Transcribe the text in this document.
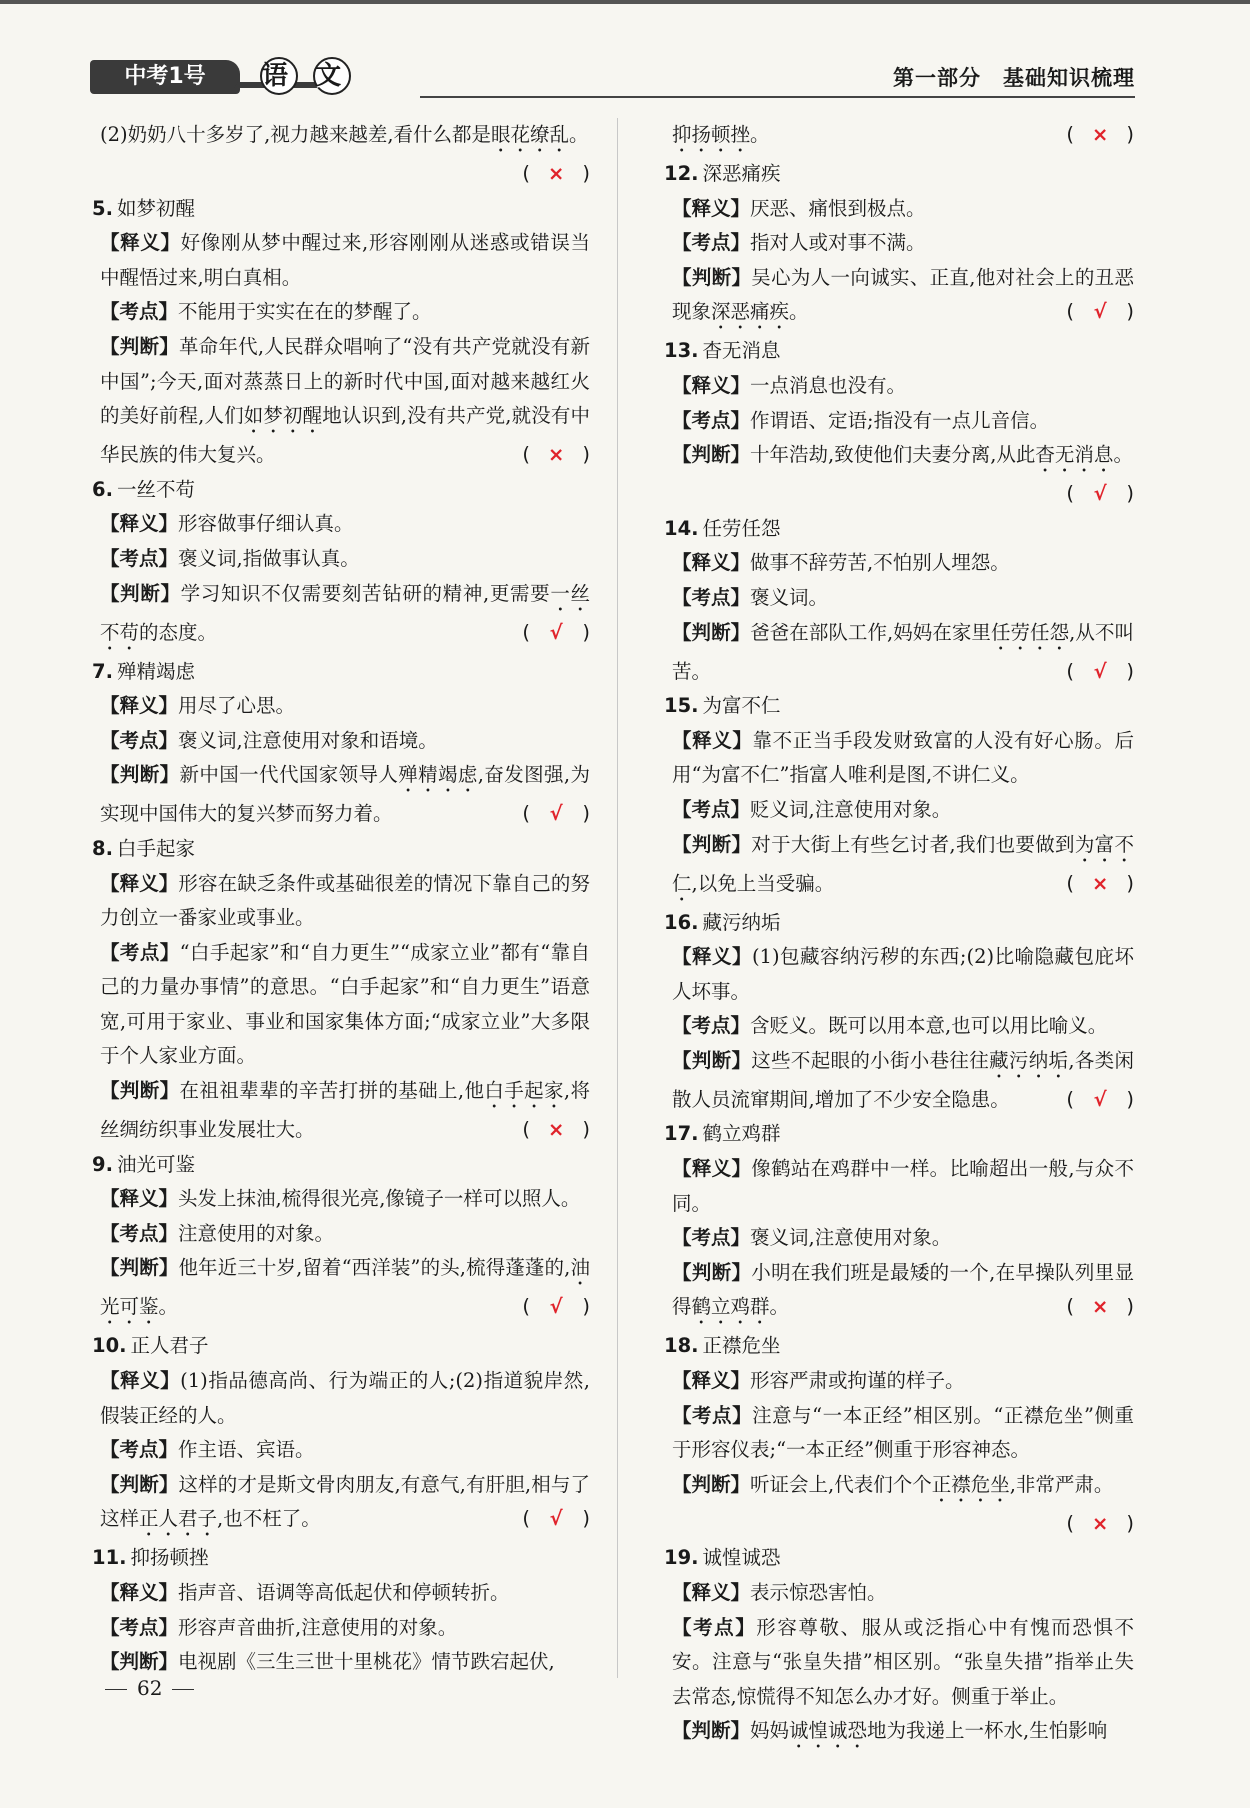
中考1号	语 文	第一部分　基础知识梳理

(2)奶奶八十多岁了,视力越来越差,看什么都是眼花缭乱。
( × )

5. 如梦初醒

【释义】好像刚从梦中醒过来,形容刚刚从迷惑或错误当中醒悟过来,明白真相。

【考点】不能用于实实在在的梦醒了。

【判断】革命年代,人民群众唱响了“没有共产党就没有新中国”;今天,面对蒸蒸日上的新时代中国,面对越来越红火的美好前程,人们如梦初醒地认识到,没有共产党,就没有中华民族的伟大复兴。	( × )

6. 一丝不苟

【释义】形容做事仔细认真。

【考点】褒义词,指做事认真。

【判断】学习知识不仅需要刻苦钻研的精神,更需要一丝不苟的态度。	( √ )

7. 殚精竭虑

【释义】用尽了心思。

【考点】褒义词,注意使用对象和语境。

【判断】新中国一代代国家领导人殚精竭虑,奋发图强,为实现中国伟大的复兴梦而努力着。	( √ )

8. 白手起家

【释义】形容在缺乏条件或基础很差的情况下靠自己的努力创立一番家业或事业。

【考点】“白手起家”和“自力更生”“成家立业”都有“靠自己的力量办事情”的意思。“白手起家”和“自力更生”语意宽,可用于家业、事业和国家集体方面;“成家立业”大多限于个人家业方面。

【判断】在祖祖辈辈的辛苦打拼的基础上,他白手起家,将丝绸纺织事业发展壮大。	( × )

9. 油光可鉴

【释义】头发上抹油,梳得很光亮,像镜子一样可以照人。

【考点】注意使用的对象。

【判断】他年近三十岁,留着“西洋装”的头,梳得蓬蓬的,油光可鉴。	( √ )

10. 正人君子

【释义】(1)指品德高尚、行为端正的人;(2)指道貌岸然,假装正经的人。

【考点】作主语、宾语。

【判断】这样的才是斯文骨肉朋友,有意气,有肝胆,相与了这样正人君子,也不枉了。	( √ )

11. 抑扬顿挫

【释义】指声音、语调等高低起伏和停顿转折。

【考点】形容声音曲折,注意使用的对象。

【判断】电视剧《三生三世十里桃花》情节跌宕起伏,

抑扬顿挫。	( × )

12. 深恶痛疾

【释义】厌恶、痛恨到极点。

【考点】指对人或对事不满。

【判断】吴心为人一向诚实、正直,他对社会上的丑恶现象深恶痛疾。	( √ )

13. 杳无消息

【释义】一点消息也没有。

【考点】作谓语、定语;指没有一点儿音信。

【判断】十年浩劫,致使他们夫妻分离,从此杳无消息。
( √ )

14. 任劳任怨

【释义】做事不辞劳苦,不怕别人埋怨。

【考点】褒义词。

【判断】爸爸在部队工作,妈妈在家里任劳任怨,从不叫苦。	( √ )

15. 为富不仁

【释义】靠不正当手段发财致富的人没有好心肠。后用“为富不仁”指富人唯利是图,不讲仁义。

【考点】贬义词,注意使用对象。

【判断】对于大街上有些乞讨者,我们也要做到为富不仁,以免上当受骗。	( × )

16. 藏污纳垢

【释义】(1)包藏容纳污秽的东西;(2)比喻隐藏包庇坏人坏事。

【考点】含贬义。既可以用本意,也可以用比喻义。

【判断】这些不起眼的小街小巷往往藏污纳垢,各类闲散人员流窜期间,增加了不少安全隐患。	( √ )

17. 鹤立鸡群

【释义】像鹤站在鸡群中一样。比喻超出一般,与众不同。

【考点】褒义词,注意使用对象。

【判断】小明在我们班是最矮的一个,在早操队列里显得鹤立鸡群。	( × )

18. 正襟危坐

【释义】形容严肃或拘谨的样子。

【考点】注意与“一本正经”相区别。“正襟危坐”侧重于形容仪表;“一本正经”侧重于形容神态。

【判断】听证会上,代表们个个正襟危坐,非常严肃。
( × )

19. 诚惶诚恐

【释义】表示惊恐害怕。

【考点】形容尊敬、服从或泛指心中有愧而恐惧不安。注意与“张皇失措”相区别。“张皇失措”指举止失去常态,惊慌得不知怎么办才好。侧重于举止。

【判断】妈妈诚惶诚恐地为我递上一杯水,生怕影响

62
